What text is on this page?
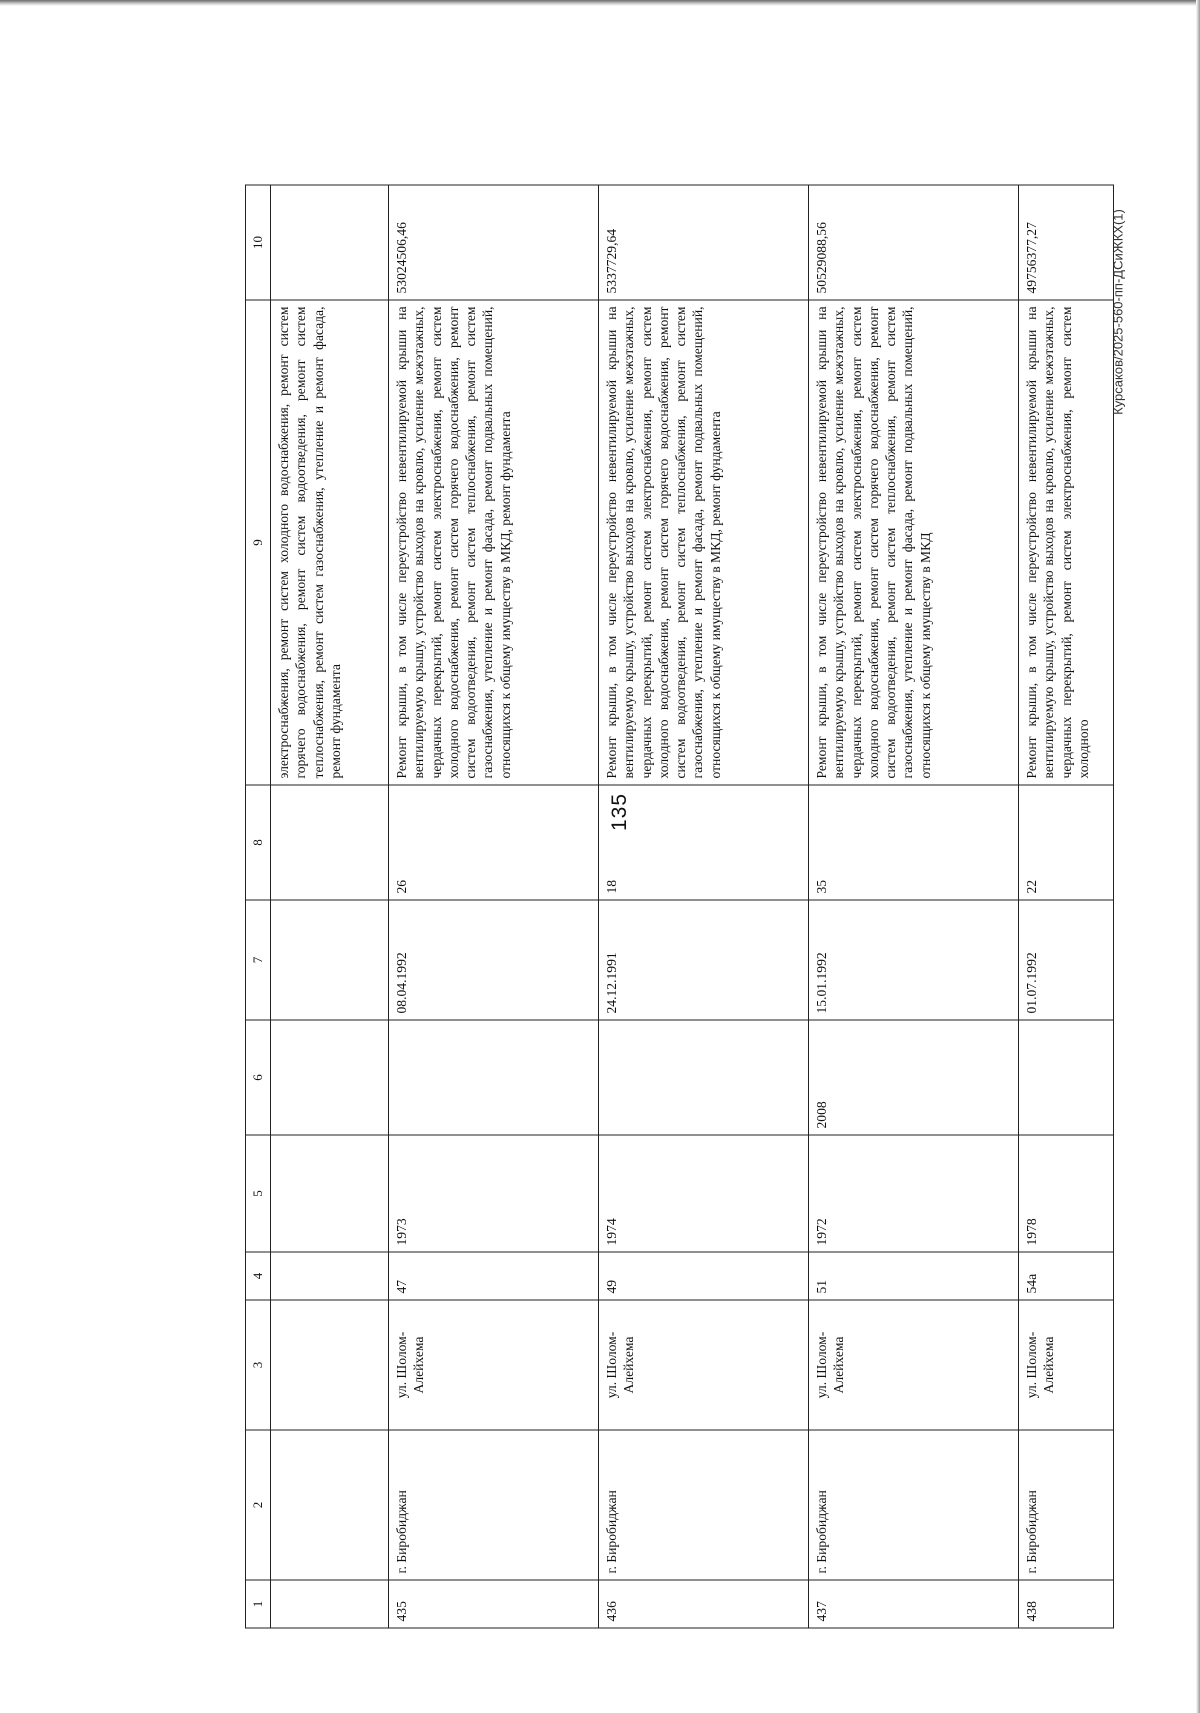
135
1	2	3	4	5	6	7	8	9	10
								электроснабжения, ремонт систем холодного водоснабжения, ремонт систем горячего водоснабжения, ремонт систем водоотведения, ремонт систем теплоснабжения, ремонт систем газоснабжения, утепление и ремонт фасада, ремонт фундамента	
435	г. Биробиджан	ул. Шолом-Алейхема	47	1973		08.04.1992	26	Ремонт крыши, в том числе переустройство невентилируемой крыши на вентилируемую крышу, устройство выходов на кровлю, усиление межэтажных, чердачных перекрытий, ремонт систем электроснабжения, ремонт систем холодного водоснабжения, ремонт систем горячего водоснабжения, ремонт систем водоотведения, ремонт систем теплоснабжения, ремонт систем газоснабжения, утепление и ремонт фасада, ремонт подвальных помещений, относящихся к общему имуществу в МКД, ремонт фундамента	53024506,46
436	г. Биробиджан	ул. Шолом-Алейхема	49	1974		24.12.1991	18	Ремонт крыши, в том числе переустройство невентилируемой крыши на вентилируемую крышу, устройство выходов на кровлю, усиление межэтажных, чердачных перекрытий, ремонт систем электроснабжения, ремонт систем холодного водоснабжения, ремонт систем горячего водоснабжения, ремонт систем водоотведения, ремонт систем теплоснабжения, ремонт систем газоснабжения, утепление и ремонт фасада, ремонт подвальных помещений, относящихся к общему имуществу в МКД, ремонт фундамента	5337729,64
437	г. Биробиджан	ул. Шолом-Алейхема	51	1972	2008	15.01.1992	35	Ремонт крыши, в том числе переустройство невентилируемой крыши на вентилируемую крышу, устройство выходов на кровлю, усиление межэтажных, чердачных перекрытий, ремонт систем электроснабжения, ремонт систем холодного водоснабжения, ремонт систем горячего водоснабжения, ремонт систем водоотведения, ремонт систем теплоснабжения, ремонт систем газоснабжения, утепление и ремонт фасада, ремонт подвальных помещений, относящихся к общему имуществу в МКД	50529088,56
438	г. Биробиджан	ул. Шолом-Алейхема	54а	1978		01.07.1992	22	Ремонт крыши, в том числе переустройство невентилируемой крыши на вентилируемую крышу, устройство выходов на кровлю, усиление межэтажных, чердачных перекрытий, ремонт систем электроснабжения, ремонт систем холодного	49756377,27	Курсаков/2025-560-пп-ДСиЖКХ(1)
